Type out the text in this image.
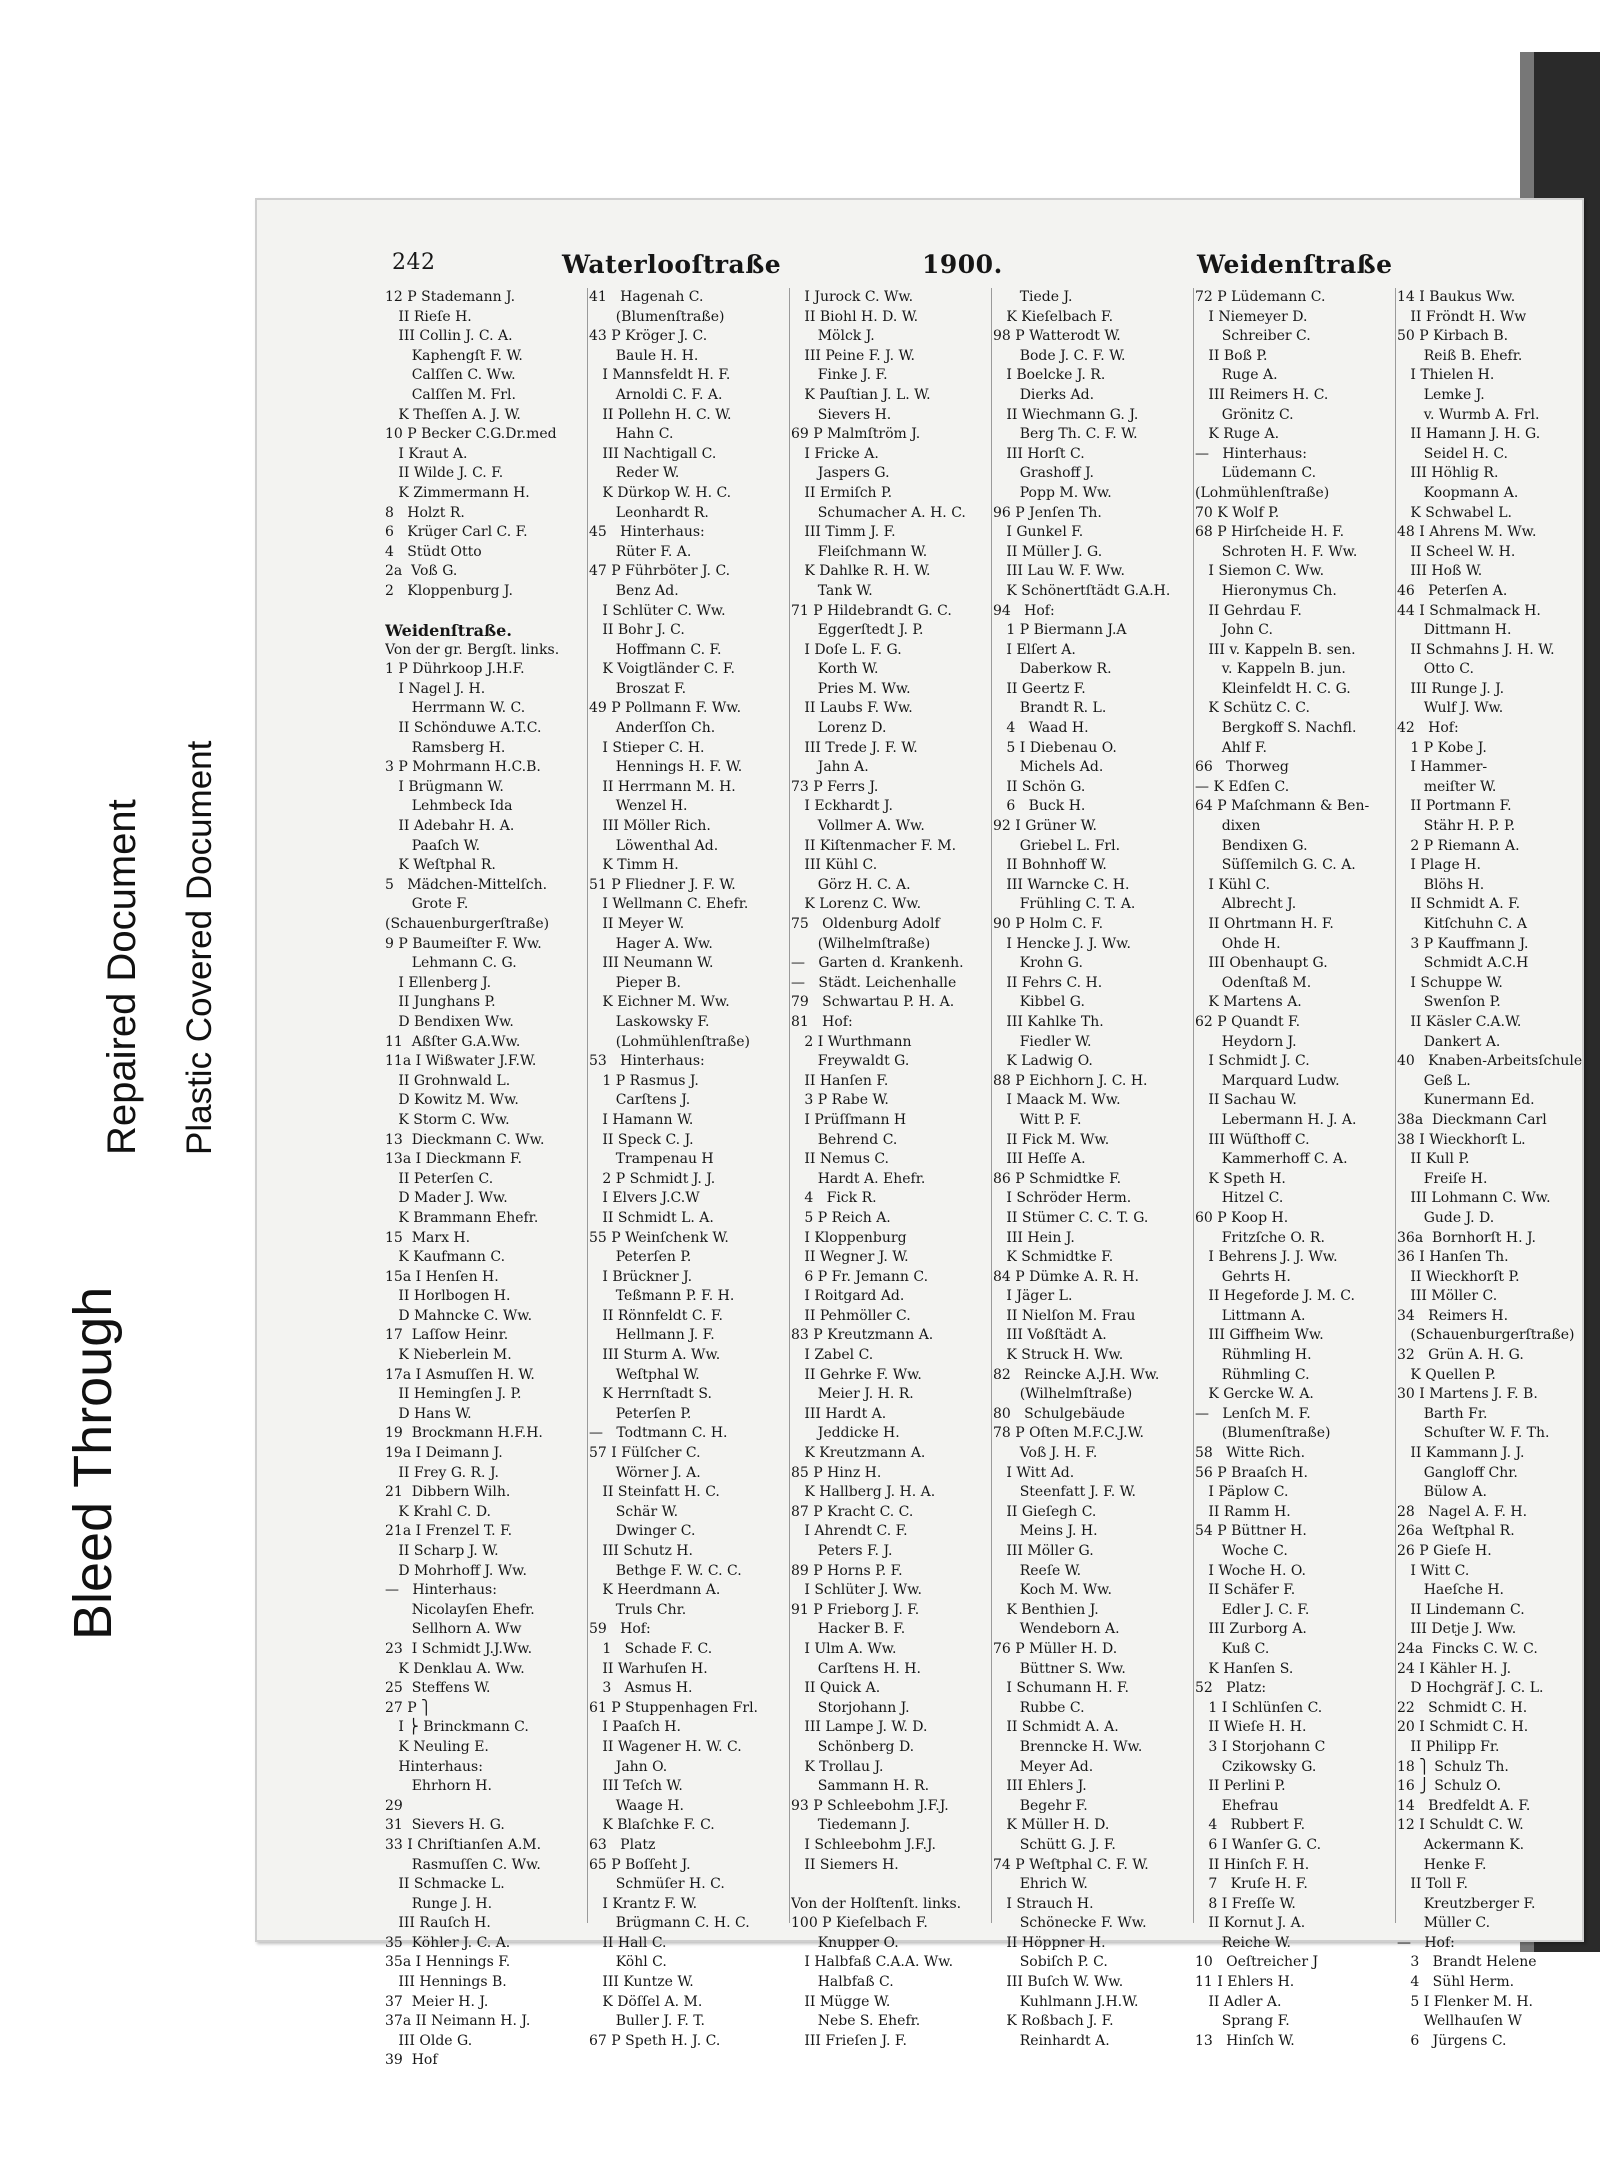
Bleed Through
Repaired Document Plastic Covered Document
242	Waterlooſtraße	1900.	Weidenſtraße
12 P Stademann J.
II Rieſe H.
III Collin J. C. A.
Kaphengſt F. W.
Calſſen C. Ww.
Calſſen M. Frl.
K Theſſen A. J. W.
10 P Becker C.G.Dr.med
I Kraut A.
II Wilde J. C. F.
K Zimmermann H.
8   Holzt R.
6   Krüger Carl C. F.
4   Stüdt Otto
2a  Voß G.
2   Kloppenburg J.
Weidenſtraße.
Von der gr. Bergſt. links.
1 P Dührkoop J.H.F.
I Nagel J. H.
Herrmann W. C.
II Schönduwe A.T.C.
Ramsberg H.
3 P Mohrmann H.C.B.
I Brügmann W.
Lehmbeck Ida
II Adebahr H. A.
Paaſch W.
K Weſtphal R.
5   Mädchen-Mittelſch.
Grote F.
(Schauenburgerſtraße)
9 P Baumeiſter F. Ww.
Lehmann C. G.
I Ellenberg J.
II Junghans P.
D Bendixen Ww.
11  Aßſter G.A.Ww.
11a I Wißwater J.F.W.
II Grohnwald L.
D Kowitz M. Ww.
K Storm C. Ww.
13  Dieckmann C. Ww.
13a I Dieckmann F.
II Peterſen C.
D Mader J. Ww.
K Brammann Ehefr.
15  Marx H.
K Kaufmann C.
15a I Henſen H.
II Horlbogen H.
D Mahncke C. Ww.
17  Laſſow Heinr.
K Nieberlein M.
17a I Asmuſſen H. W.
II Hemingſen J. P.
D Hans W.
19  Brockmann H.F.H.
19a I Deimann J.
II Frey G. R. J.
21  Dibbern Wilh.
K Krahl C. D.
21a I Frenzel T. F.
II Scharp J. W.
D Mohrhoff J. Ww.
—   Hinterhaus:
Nicolayſen Ehefr.
Sellhorn A. Ww
23  I Schmidt J.J.Ww.
K Denklau A. Ww.
25  Steffens W.
27 P ⎫
I ⎬ Brinckmann C.
K Neuling E.
Hinterhaus:
Ehrhorn H.
29
31  Sievers H. G.
33 I Chriſtianſen A.M.
Rasmuſſen C. Ww.
II Schmacke L.
Runge J. H.
III Rauſch H.
35  Köhler J. C. A.
35a I Hennings F.
III Hennings B.
37  Meier H. J.
37a II Neimann H. J.
III Olde G.
39  Hof
41   Hagenah C.
(Blumenſtraße)
43 P Kröger J. C.
Baule H. H.
I Mannsfeldt H. F.
Arnoldi C. F. A.
II Pollehn H. C. W.
Hahn C.
III Nachtigall C.
Reder W.
K Dürkop W. H. C.
Leonhardt R.
45   Hinterhaus:
Rüter F. A.
47 P Führböter J. C.
Benz Ad.
I Schlüter C. Ww.
II Bohr J. C.
Hoffmann C. F.
K Voigtländer C. F.
Broszat F.
49 P Pollmann F. Ww.
Anderſſon Ch.
I Stieper C. H.
Hennings H. F. W.
II Herrmann M. H.
Wenzel H.
III Möller Rich.
Löwenthal Ad.
K Timm H.
51 P Fliedner J. F. W.
I Wellmann C. Ehefr.
II Meyer W.
Hager A. Ww.
III Neumann W.
Pieper B.
K Eichner M. Ww.
Laskowsky F.
(Lohmühlenſtraße)
53   Hinterhaus:
1 P Rasmus J.
Carſtens J.
I Hamann W.
II Speck C. J.
Trampenau H
2 P Schmidt J. J.
I Elvers J.C.W
II Schmidt L. A.
55 P Weinſchenk W.
Peterſen P.
I Brückner J.
Teßmann P. F. H.
II Rönnfeldt C. F.
Hellmann J. F.
III Sturm A. Ww.
Weſtphal W.
K Herrnſtadt S.
Peterſen P.
—   Todtmann C. H.
57 I Fülſcher C.
Wörner J. A.
II Steinfatt H. C.
Schär W.
Dwinger C.
III Schutz H.
Bethge F. W. C. C.
K Heerdmann A.
Truls Chr.
59   Hof:
1   Schade F. C.
II Warhuſen H.
3   Asmus H.
61 P Stuppenhagen Frl.
I Paaſch H.
II Wagener H. W. C.
Jahn O.
III Teſch W.
Waage H.
K Blaſchke F. C.
63   Platz
65 P Boſſeht J.
Schmüſer H. C.
I Krantz F. W.
Brügmann C. H. C.
II Hall C.
Köhl C.
III Kuntze W.
K Döſſel A. M.
Buller J. F. T.
67 P Speth H. J. C.
I Jurock C. Ww.
II Biohl H. D. W.
Mölck J.
III Peine F. J. W.
Finke J. F.
K Pauſtian J. L. W.
Sievers H.
69 P Malmſtröm J.
I Fricke A.
Jaspers G.
II Ermiſch P.
Schumacher A. H. C.
III Timm J. F.
Fleiſchmann W.
K Dahlke R. H. W.
Tank W.
71 P Hildebrandt G. C.
Eggerſtedt J. P.
I Doſe L. F. G.
Korth W.
Pries M. Ww.
II Laubs F. Ww.
Lorenz D.
III Trede J. F. W.
Jahn A.
73 P Ferrs J.
I Eckhardt J.
Vollmer A. Ww.
II Kiſtenmacher F. M.
III Kühl C.
Görz H. C. A.
K Lorenz C. Ww.
75   Oldenburg Adolf
(Wilhelmſtraße)
—   Garten d. Krankenh.
—   Städt. Leichenhalle
79   Schwartau P. H. A.
81   Hof:
2 I Wurthmann
Freywaldt G.
II Hanſen F.
3 P Rabe W.
I Prüſſmann H
Behrend C.
II Nemus C.
Hardt A. Ehefr.
4   Fick R.
5 P Reich A.
I Kloppenburg
II Wegner J. W.
6 P Fr. Jemann C.
I Roitgard Ad.
II Pehmöller C.
83 P Kreutzmann A.
I Zabel C.
II Gehrke F. Ww.
Meier J. H. R.
III Hardt A.
Jeddicke H.
K Kreutzmann A.
85 P Hinz H.
K Hallberg J. H. A.
87 P Kracht C. C.
I Ahrendt C. F.
Peters F. J.
89 P Horns P. F.
I Schlüter J. Ww.
91 P Frieborg J. F.
Hacker B. F.
I Ulm A. Ww.
Carſtens H. H.
II Quick A.
Storjohann J.
III Lampe J. W. D.
Schönberg D.
K Trollau J.
Sammann H. R.
93 P Schleebohm J.F.J.
Tiedemann J.
I Schleebohm J.F.J.
II Siemers H.
Von der Holſtenſt. links.
100 P Kieſelbach F.
Knupper O.
I Halbfaß C.A.A. Ww.
Halbfaß C.
II Mügge W.
Nebe S. Ehefr.
III Frieſen J. F.
Tiede J.
K Kieſelbach F.
98 P Watterodt W.
Bode J. C. F. W.
I Boelcke J. R.
Dierks Ad.
II Wiechmann G. J.
Berg Th. C. F. W.
III Horſt C.
Grashoff J.
Popp M. Ww.
96 P Jenſen Th.
I Gunkel F.
II Müller J. G.
III Lau W. F. Ww.
K Schönertſtädt G.A.H.
94   Hof:
1 P Biermann J.A
I Elſert A.
Daberkow R.
II Geertz F.
Brandt R. L.
4   Waad H.
5 I Diebenau O.
Michels Ad.
II Schön G.
6   Buck H.
92 I Grüner W.
Griebel L. Frl.
II Bohnhoff W.
III Warncke C. H.
Frühling C. T. A.
90 P Holm C. F.
I Hencke J. J. Ww.
Krohn G.
II Fehrs C. H.
Kibbel G.
III Kahlke Th.
Fiedler W.
K Ladwig O.
88 P Eichhorn J. C. H.
I Maack M. Ww.
Witt P. F.
II Fick M. Ww.
III Heſſe A.
86 P Schmidtke F.
I Schröder Herm.
II Stümer C. C. T. G.
III Hein J.
K Schmidtke F.
84 P Dümke A. R. H.
I Jäger L.
II Nielſon M. Frau
III Voßſtädt A.
K Struck H. Ww.
82   Reincke A.J.H. Ww.
(Wilhelmſtraße)
80   Schulgebäude
78 P Oſten M.F.C.J.W.
Voß J. H. F.
I Witt Ad.
Steenfatt J. F. W.
II Gieſegh C.
Meins J. H.
III Möller G.
Reeſe W.
Koch M. Ww.
K Benthien J.
Wendeborn A.
76 P Müller H. D.
Büttner S. Ww.
I Schumann H. F.
Rubbe C.
II Schmidt A. A.
Brenncke H. Ww.
Meyer Ad.
III Ehlers J.
Begehr F.
K Müller H. D.
Schütt G. J. F.
74 P Weſtphal C. F. W.
Ehrich W.
I Strauch H.
Schönecke F. Ww.
II Höppner H.
Sobiſch P. C.
III Buſch W. Ww.
Kuhlmann J.H.W.
K Roßbach J. F.
Reinhardt A.
72 P Lüdemann C.
I Niemeyer D.
Schreiber C.
II Boß P.
Ruge A.
III Reimers H. C.
Grönitz C.
K Ruge A.
—   Hinterhaus:
Lüdemann C.
(Lohmühlenſtraße)
70 K Wolf P.
68 P Hirſcheide H. F.
Schroten H. F. Ww.
I Siemon C. Ww.
Hieronymus Ch.
II Gehrdau F.
John C.
III v. Kappeln B. sen.
v. Kappeln B. jun.
Kleinfeldt H. C. G.
K Schütz C. C.
Bergkoff S. Nachfl.
Ahlf F.
66   Thorweg
— K Edſen C.
64 P Maſchmann & Ben-
dixen
Bendixen G.
Süſſemilch G. C. A.
I Kühl C.
Albrecht J.
II Ohrtmann H. F.
Ohde H.
III Obenhaupt G.
Odenſtaß M.
K Martens A.
62 P Quandt F.
Heydorn J.
I Schmidt J. C.
Marquard Ludw.
II Sachau W.
Lebermann H. J. A.
III Wüſthoff C.
Kammerhoff C. A.
K Speth H.
Hitzel C.
60 P Koop H.
Fritzſche O. R.
I Behrens J. J. Ww.
Gehrts H.
II Hegeforde J. M. C.
Littmann A.
III Giffheim Ww.
Rühmling H.
Rühmling C.
K Gercke W. A.
—   Lenſch M. F.
(Blumenſtraße)
58   Witte Rich.
56 P Braaſch H.
I Päplow C.
II Ramm H.
54 P Büttner H.
Woche C.
I Woche H. O.
II Schäfer F.
Edler J. C. F.
III Zurborg A.
Kuß C.
K Hanſen S.
52   Platz:
1 I Schlünſen C.
II Wieſe H. H.
3 I Storjohann C
Czikowsky G.
II Perlini P.
Ehefrau
4   Rubbert F.
6 I Wanſer G. C.
II Hinſch F. H.
7   Kruſe H. F.
8 I Freſſe W.
II Kornut J. A.
Reiche W.
10   Oeſtreicher J
11 I Ehlers H.
II Adler A.
Sprang F.
13   Hinſch W.
14 I Baukus Ww.
II Fröndt H. Ww
50 P Kirbach B.
Reiß B. Ehefr.
I Thielen H.
Lemke J.
v. Wurmb A. Frl.
II Hamann J. H. G.
Seidel H. C.
III Höhlig R.
Koopmann A.
K Schwabel L.
48 I Ahrens M. Ww.
II Scheel W. H.
III Hoß W.
46   Peterſen A.
44 I Schmalmack H.
Dittmann H.
II Schmahns J. H. W.
Otto C.
III Runge J. J.
Wulf J. Ww.
42   Hof:
1 P Kobe J.
I Hammer-
meiſter W.
II Portmann F.
Stähr H. P. P.
2 P Riemann A.
I Plage H.
Blöhs H.
II Schmidt A. F.
Kitſchuhn C. A
3 P Kauffmann J.
Schmidt A.C.H
I Schuppe W.
Swenſon P.
II Käsler C.A.W.
Dankert A.
40   Knaben-Arbeitsſchule
Geß L.
Kunermann Ed.
38a  Dieckmann Carl
38 I Wieckhorſt L.
II Kull P.
Freiſe H.
III Lohmann C. Ww.
Gude J. D.
36a  Bornhorſt H. J.
36 I Hanſen Th.
II Wieckhorſt P.
III Möller C.
34   Reimers H.
(Schauenburgerſtraße)
32   Grün A. H. G.
K Quellen P.
30 I Martens J. F. B.
Barth Fr.
Schuſter W. F. Th.
II Kammann J. J.
Gangloff Chr.
Bülow A.
28   Nagel A. F. H.
26a  Weſtphal R.
26 P Gieſe H.
I Witt C.
Haeſche H.
II Lindemann C.
III Detje J. Ww.
24a  Fincks C. W. C.
24 I Kähler H. J.
D Hochgräf J. C. L.
22   Schmidt C. H.
20 I Schmidt C. H.
II Philipp Fr.
18 ⎫ Schulz Th.
16 ⎭ Schulz O.
14   Bredfeldt A. F.
12 I Schuldt C. W.
Ackermann K.
Henke F.
II Toll F.
Kreutzberger F.
Müller C.
—   Hof:
3   Brandt Helene
4   Sühl Herm.
5 I Flenker M. H.
Wellhauſen W
6   Jürgens C.
